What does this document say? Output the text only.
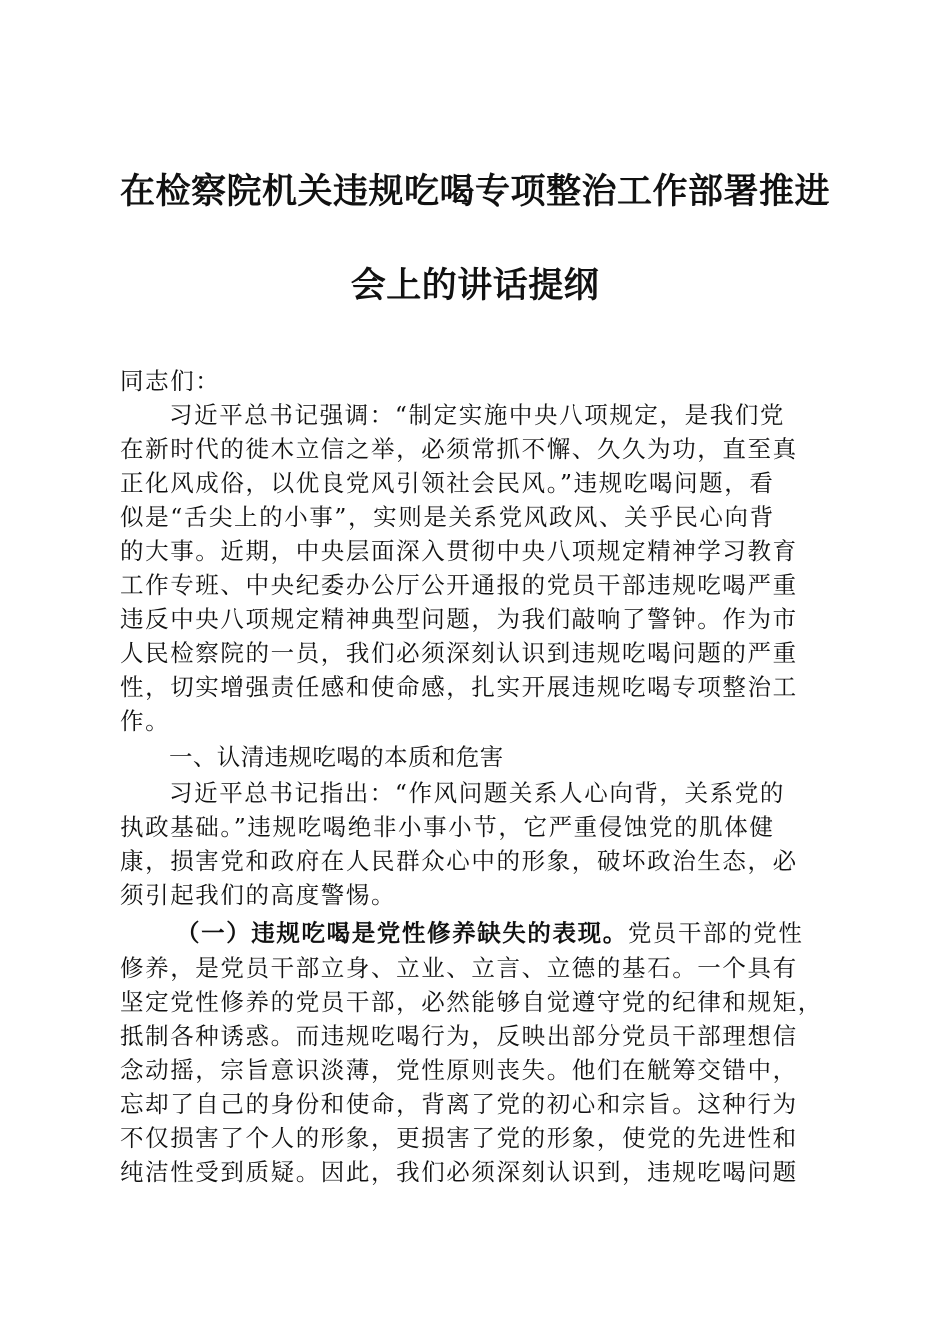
在检察院机关违规吃喝专项整治工作部署推进
会上的讲话提纲
同志们：
习近平总书记强调：“制定实施中央八项规定，是我们党
在新时代的徙木立信之举，必须常抓不懈、久久为功，直至真
正化风成俗，以优良党风引领社会民风。”违规吃喝问题，看
似是“舌尖上的小事”，实则是关系党风政风、关乎民心向背
的大事。近期，中央层面深入贯彻中央八项规定精神学习教育
工作专班、中央纪委办公厅公开通报的党员干部违规吃喝严重
违反中央八项规定精神典型问题，为我们敲响了警钟。作为市
人民检察院的一员，我们必须深刻认识到违规吃喝问题的严重
性，切实增强责任感和使命感，扎实开展违规吃喝专项整治工
作。
一、认清违规吃喝的本质和危害
习近平总书记指出：“作风问题关系人心向背，关系党的
执政基础。”违规吃喝绝非小事小节，它严重侵蚀党的肌体健
康，损害党和政府在人民群众心中的形象，破坏政治生态，必
须引起我们的高度警惕。
（一）违规吃喝是党性修养缺失的表现。党员干部的党性
修养，是党员干部立身、立业、立言、立德的基石。一个具有
坚定党性修养的党员干部，必然能够自觉遵守党的纪律和规矩，
抵制各种诱惑。而违规吃喝行为，反映出部分党员干部理想信
念动摇，宗旨意识淡薄，党性原则丧失。他们在觥筹交错中，
忘却了自己的身份和使命，背离了党的初心和宗旨。这种行为
不仅损害了个人的形象，更损害了党的形象，使党的先进性和
纯洁性受到质疑。因此，我们必须深刻认识到，违规吃喝问题
